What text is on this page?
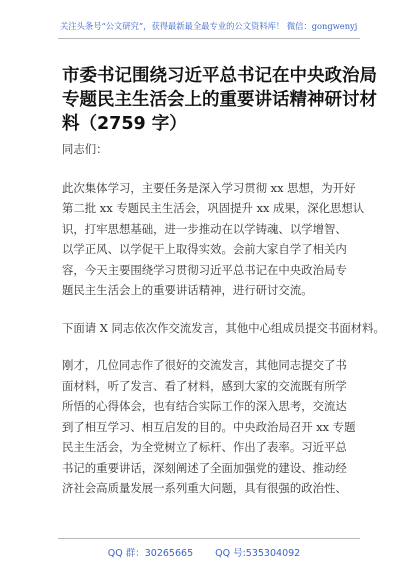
关注头条号“公文研究”，获得最新最全最专业的公文资料库！ 微信：gongwenyj
市委书记围绕习近平总书记在中央政治局
专题民主生活会上的重要讲话精神研讨材
料（2759 字）

同志们：

此次集体学习，主要任务是深入学习贯彻 xx 思想，为开好
第二批 xx 专题民主生活会，巩固提升 xx 成果，深化思想认
识，打牢思想基础，进一步推动在以学铸魂、以学增智、
以学正风、以学促干上取得实效。会前大家自学了相关内
容，今天主要围绕学习贯彻习近平总书记在中央政治局专
题民主生活会上的重要讲话精神，进行研讨交流。

下面请 X 同志依次作交流发言，其他中心组成员提交书面材料。

刚才，几位同志作了很好的交流发言，其他同志提交了书
面材料，听了发言、看了材料，感到大家的交流既有所学
所悟的心得体会，也有结合实际工作的深入思考，交流达
到了相互学习、相互启发的目的。中央政治局召开 xx 专题
民主生活会，为全党树立了标杆、作出了表率。习近平总
书记的重要讲话，深刻阐述了全面加强党的建设、推动经
济社会高质量发展一系列重大问题，具有很强的政治性、

QQ 群：30265665 QQ 号:535304092
